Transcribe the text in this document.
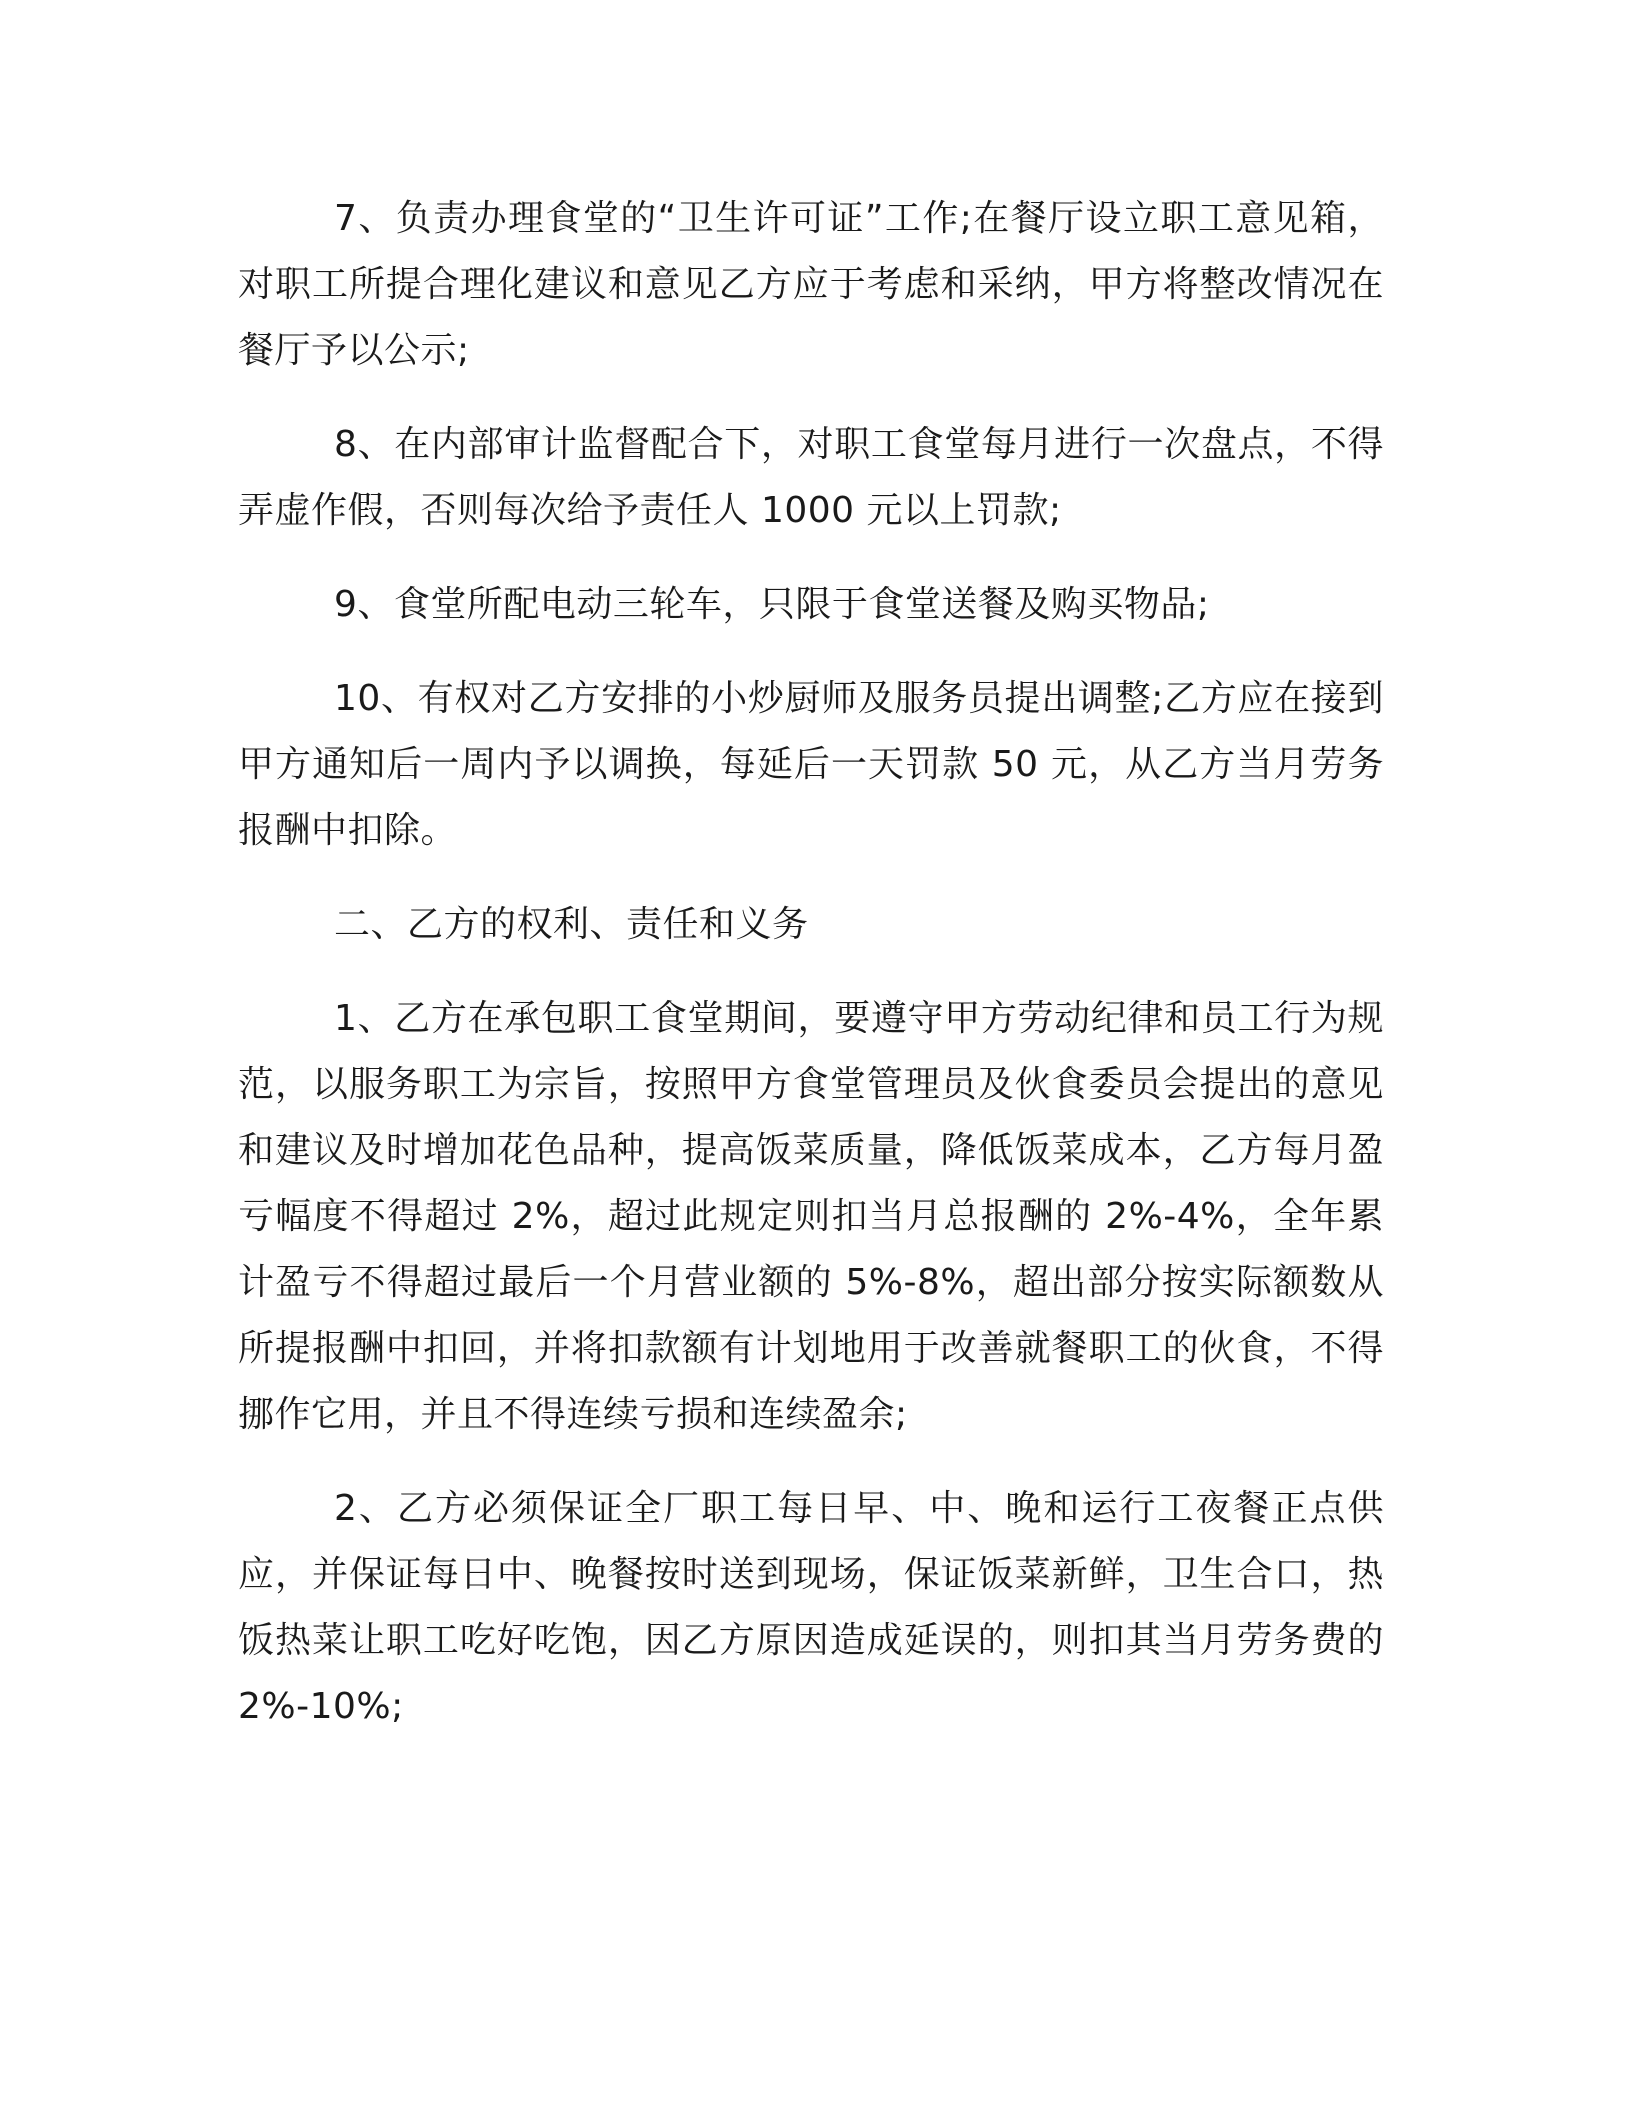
7、负责办理食堂的“卫生许可证”工作;在餐厅设立职工意见箱，对职工所提合理化建议和意见乙方应于考虑和采纳，甲方将整改情况在餐厅予以公示;

8、在内部审计监督配合下，对职工食堂每月进行一次盘点，不得弄虚作假，否则每次给予责任人 1000 元以上罚款;

9、食堂所配电动三轮车，只限于食堂送餐及购买物品;

10、有权对乙方安排的小炒厨师及服务员提出调整;乙方应在接到甲方通知后一周内予以调换，每延后一天罚款 50 元，从乙方当月劳务报酬中扣除。

二、乙方的权利、责任和义务

1、乙方在承包职工食堂期间，要遵守甲方劳动纪律和员工行为规范，以服务职工为宗旨，按照甲方食堂管理员及伙食委员会提出的意见和建议及时增加花色品种，提高饭菜质量，降低饭菜成本，乙方每月盈亏幅度不得超过 2%，超过此规定则扣当月总报酬的 2%-4%，全年累计盈亏不得超过最后一个月营业额的 5%-8%，超出部分按实际额数从所提报酬中扣回，并将扣款额有计划地用于改善就餐职工的伙食，不得挪作它用，并且不得连续亏损和连续盈余;

2、乙方必须保证全厂职工每日早、中、晚和运行工夜餐正点供应，并保证每日中、晚餐按时送到现场，保证饭菜新鲜，卫生合口，热饭热菜让职工吃好吃饱，因乙方原因造成延误的，则扣其当月劳务费的 2%-10%;
